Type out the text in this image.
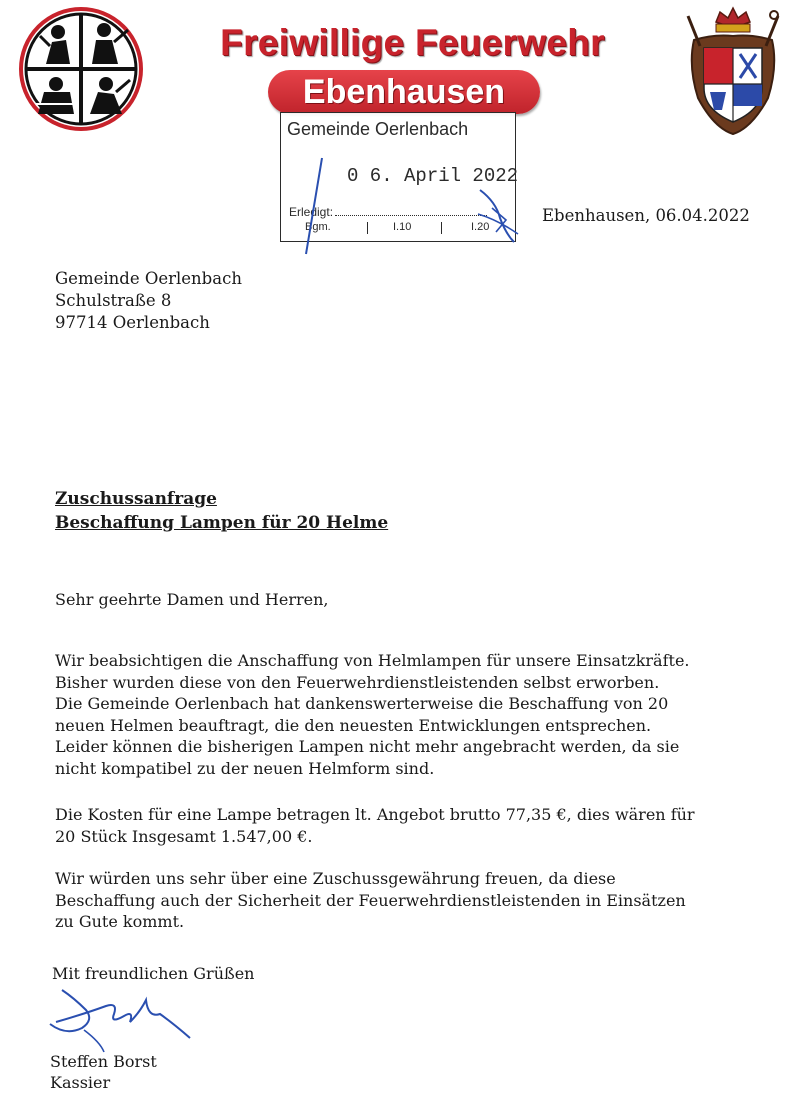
Freiwillige Feuerwehr
Ebenhausen
Gemeinde Oerlenbach
0 6. April 2022
Erledigt:
Bgm.	I.10	I.20
Ebenhausen, 06.04.2022
Gemeinde Oerlenbach
Schulstraße 8
97714 Oerlenbach
Zuschussanfrage
Beschaffung Lampen für 20 Helme
Sehr geehrte Damen und Herren,
Wir beabsichtigen die Anschaffung von Helmlampen für unsere Einsatzkräfte.
Bisher wurden diese von den Feuerwehrdienstleistenden selbst erworben.
Die Gemeinde Oerlenbach hat dankenswerterweise die Beschaffung von 20
neuen Helmen beauftragt, die den neuesten Entwicklungen entsprechen.
Leider können die bisherigen Lampen nicht mehr angebracht werden, da sie
nicht kompatibel zu der neuen Helmform sind.
Die Kosten für eine Lampe betragen lt. Angebot brutto 77,35 €, dies wären für
20 Stück Insgesamt 1.547,00 €.
Wir würden uns sehr über eine Zuschussgewährung freuen, da diese
Beschaffung auch der Sicherheit der Feuerwehrdienstleistenden in Einsätzen
zu Gute kommt.
Mit freundlichen Grüßen
Steffen Borst
Kassier
